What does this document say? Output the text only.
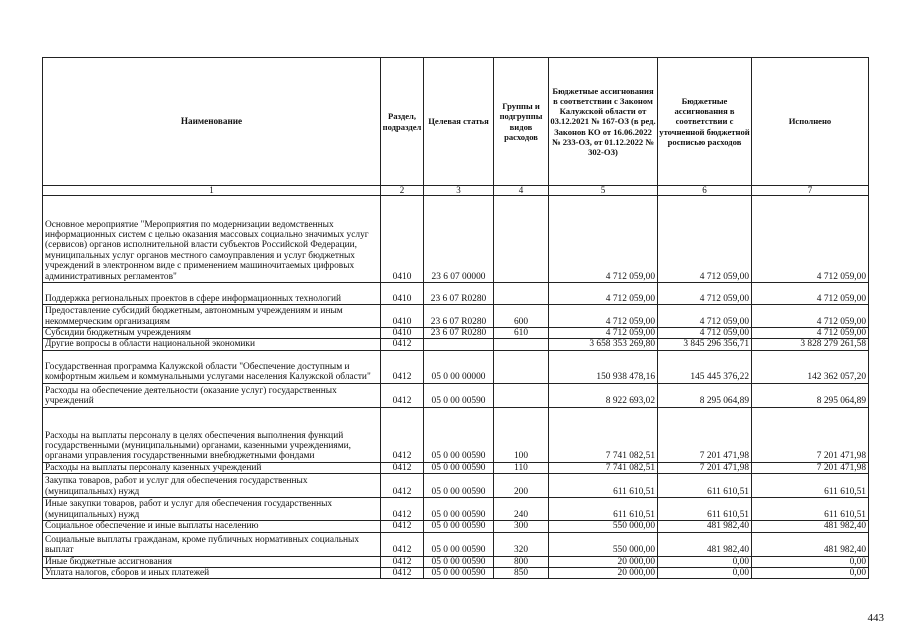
Наименование	Раздел, подраздел	Целевая статья	Группы и подгруппы видов расходов	Бюджетные ассигнования в соответствии с Законом Калужской области от 03.12.2021 № 167-ОЗ (в ред. Законов КО от 16.06.2022 № 233-ОЗ, от 01.12.2022 № 302-ОЗ)	Бюджетные ассигнования в соответствии с уточненной бюджетной росписью расходов	Исполнено
1	2	3	4	5	6	7
Основное мероприятие "Мероприятия по модернизации ведомственных информационных систем с целью оказания массовых социально значимых услуг (сервисов) органов исполнительной власти субъектов Российской Федерации, муниципальных услуг органов местного самоуправления и услуг бюджетных учреждений в электронном виде с применением машиночитаемых цифровых административных регламентов"	0410	23 6 07 00000		4 712 059,00	4 712 059,00	4 712 059,00
Поддержка региональных проектов в сфере информационных технологий	0410	23 6 07 R0280		4 712 059,00	4 712 059,00	4 712 059,00
Предоставление субсидий бюджетным, автономным учреждениям и иным некоммерческим организациям	0410	23 6 07 R0280	600	4 712 059,00	4 712 059,00	4 712 059,00
Субсидии бюджетным учреждениям	0410	23 6 07 R0280	610	4 712 059,00	4 712 059,00	4 712 059,00
Другие вопросы в области национальной экономики	0412			3 658 353 269,80	3 845 296 356,71	3 828 279 261,58
Государственная программа Калужской области "Обеспечение доступным и комфортным жильем и коммунальными услугами населения Калужской области"	0412	05 0 00 00000		150 938 478,16	145 445 376,22	142 362 057,20
Расходы на обеспечение деятельности (оказание услуг) государственных учреждений	0412	05 0 00 00590		8 922 693,02	8 295 064,89	8 295 064,89
Расходы на выплаты персоналу в целях обеспечения выполнения функций государственными (муниципальными) органами, казенными учреждениями, органами управления государственными внебюджетными фондами	0412	05 0 00 00590	100	7 741 082,51	7 201 471,98	7 201 471,98
Расходы на выплаты персоналу казенных учреждений	0412	05 0 00 00590	110	7 741 082,51	7 201 471,98	7 201 471,98
Закупка товаров, работ и услуг для обеспечения государственных (муниципальных) нужд	0412	05 0 00 00590	200	611 610,51	611 610,51	611 610,51
Иные закупки товаров, работ и услуг для обеспечения государственных (муниципальных) нужд	0412	05 0 00 00590	240	611 610,51	611 610,51	611 610,51
Социальное обеспечение и иные выплаты населению	0412	05 0 00 00590	300	550 000,00	481 982,40	481 982,40
Социальные выплаты гражданам, кроме публичных нормативных социальных выплат	0412	05 0 00 00590	320	550 000,00	481 982,40	481 982,40
Иные бюджетные ассигнования	0412	05 0 00 00590	800	20 000,00	0,00	0,00
Уплата налогов, сборов и иных платежей	0412	05 0 00 00590	850	20 000,00	0,00	0,00
443
